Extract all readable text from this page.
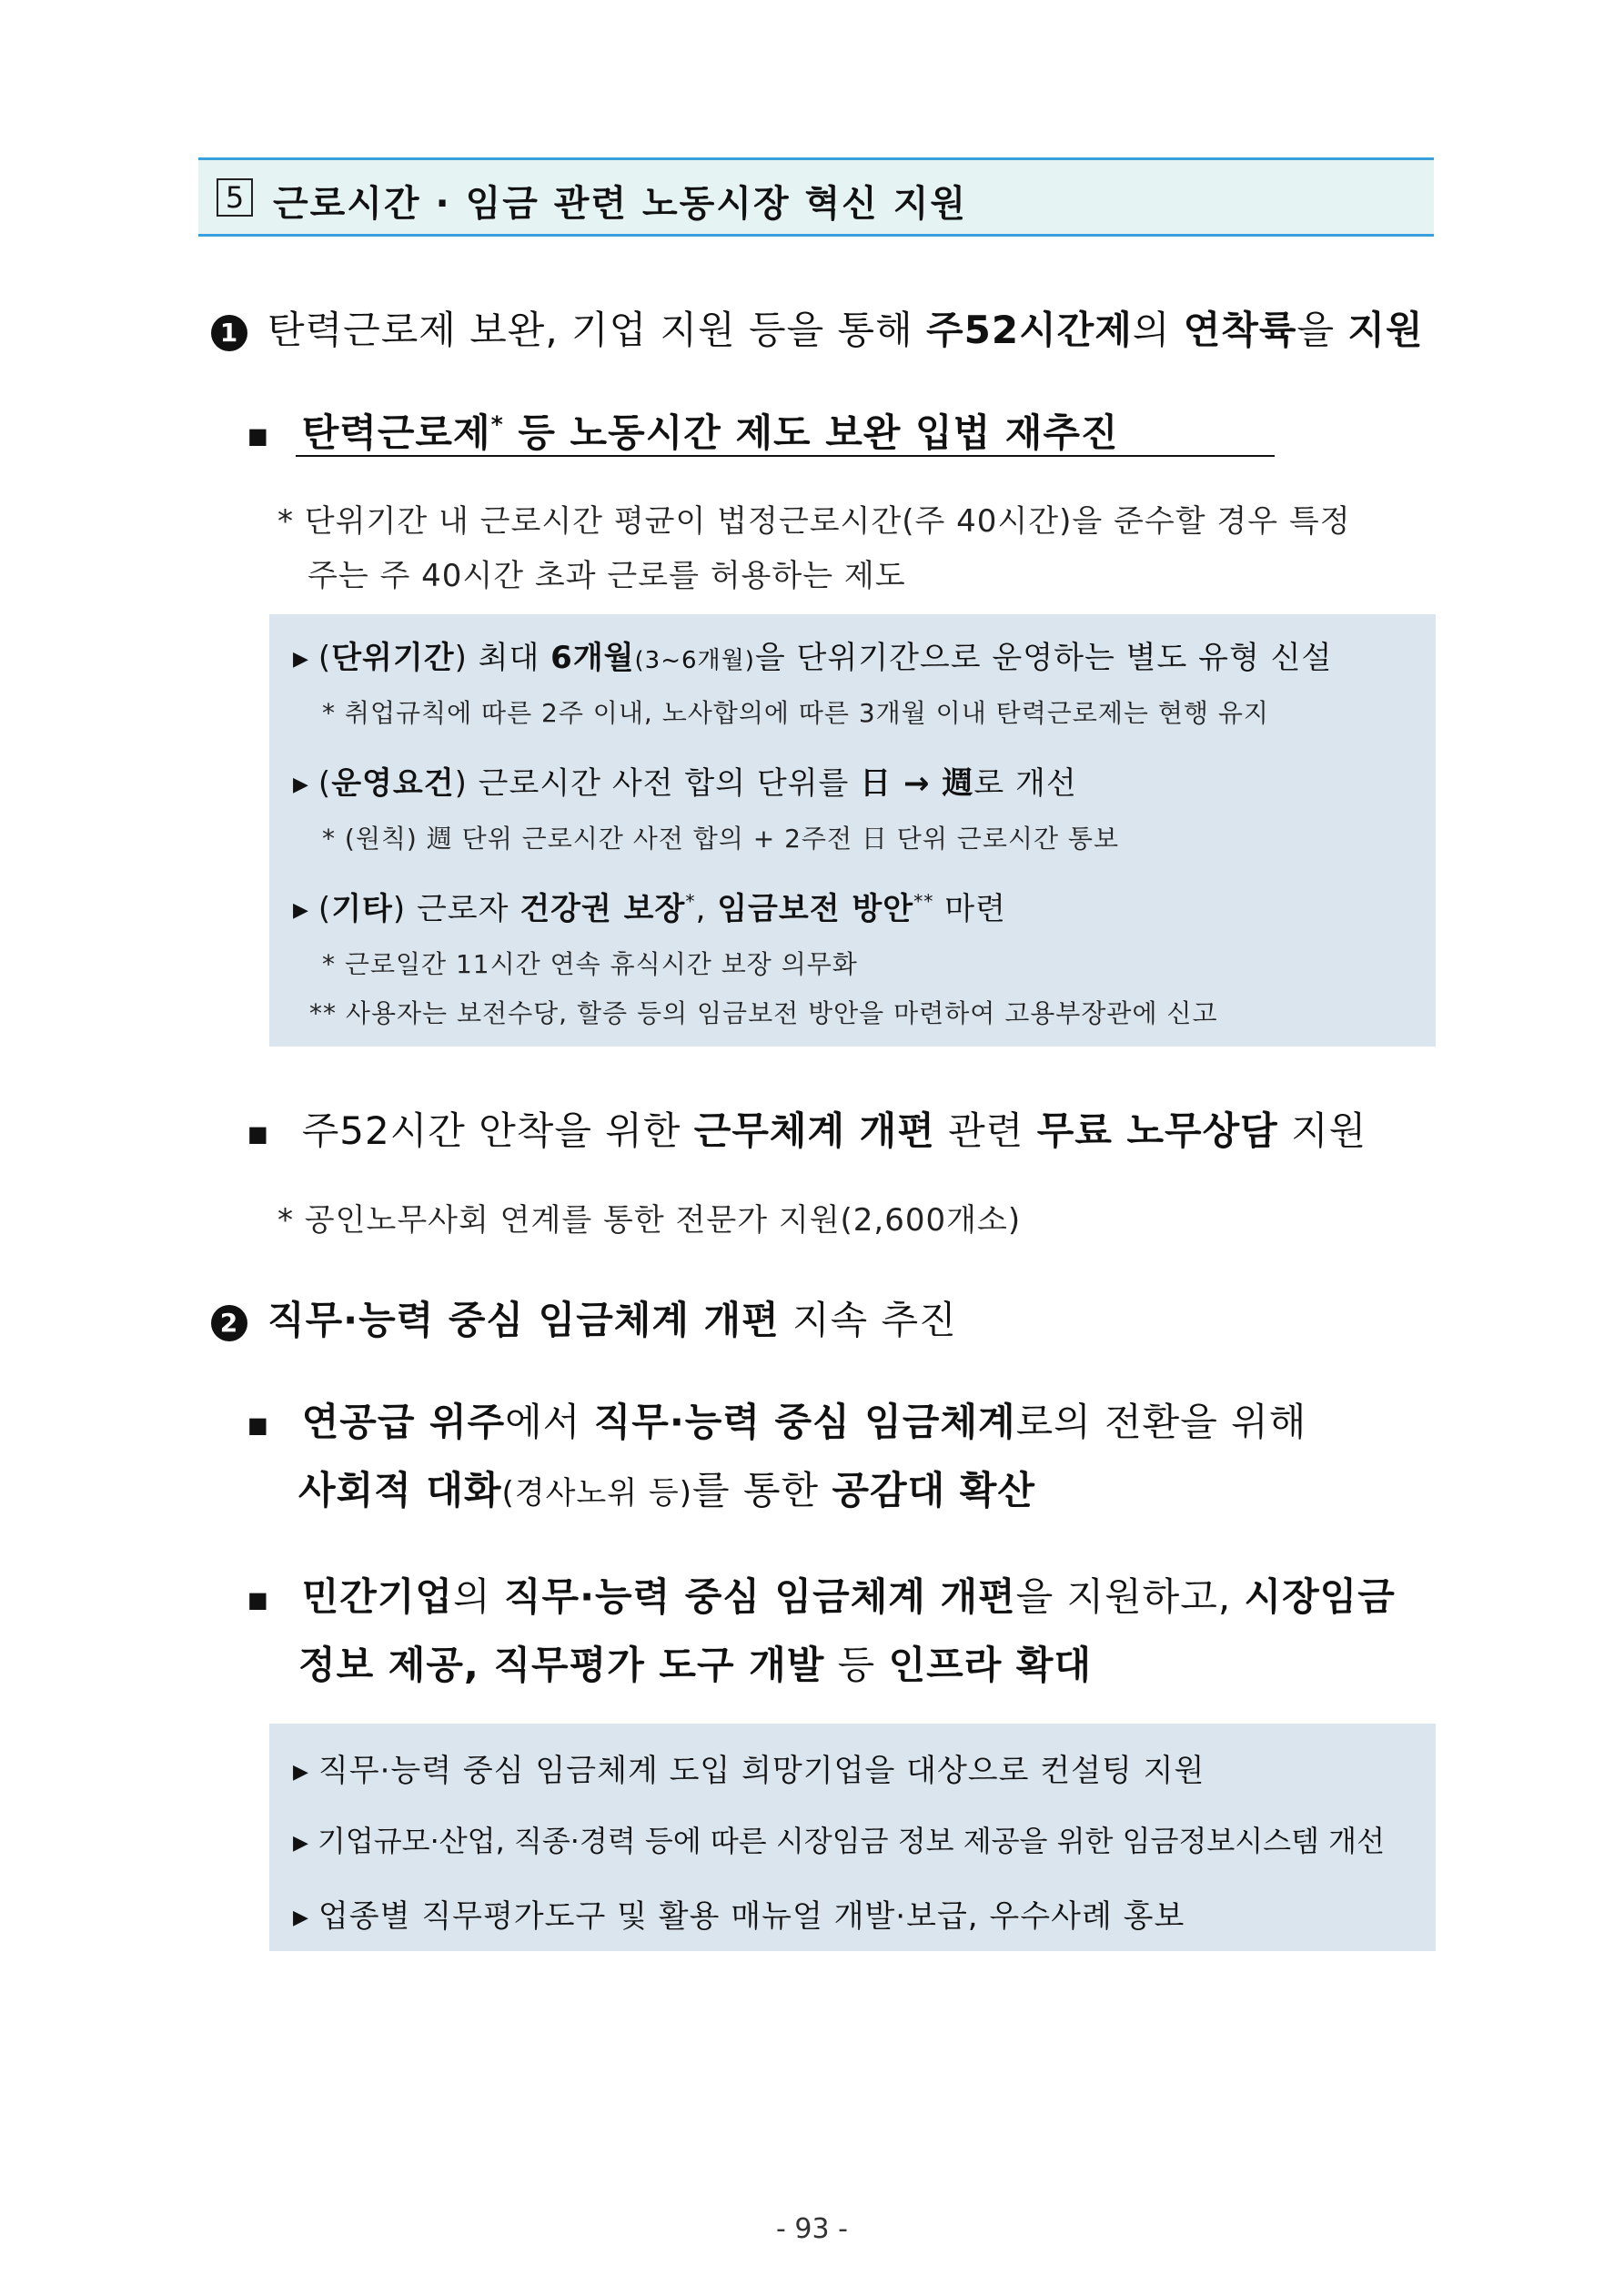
5 근로시간 · 임금 관련 노동시장 혁신 지원
1 탄력근로제 보완, 기업 지원 등을 통해 주52시간제의 연착륙을 지원
■ 탄력근로제* 등 노동시간 제도 보완 입법 재추진
* 단위기간 내 근로시간 평균이 법정근로시간(주 40시간)을 준수할 경우 특정
주는 주 40시간 초과 근로를 허용하는 제도
▶ (단위기간) 최대 6개월(3~6개월)을 단위기간으로 운영하는 별도 유형 신설
* 취업규칙에 따른 2주 이내, 노사합의에 따른 3개월 이내 탄력근로제는 현행 유지
▶ (운영요건) 근로시간 사전 합의 단위를 日 → 週로 개선
* (원칙) 週 단위 근로시간 사전 합의 + 2주전 日 단위 근로시간 통보
▶ (기타) 근로자 건강권 보장*, 임금보전 방안** 마련
* 근로일간 11시간 연속 휴식시간 보장 의무화
** 사용자는 보전수당, 할증 등의 임금보전 방안을 마련하여 고용부장관에 신고
■ 주52시간 안착을 위한 근무체계 개편 관련 무료 노무상담 지원
* 공인노무사회 연계를 통한 전문가 지원(2,600개소)
2 직무·능력 중심 임금체계 개편 지속 추진
■ 연공급 위주에서 직무·능력 중심 임금체계로의 전환을 위해
사회적 대화(경사노위 등)를 통한 공감대 확산
■ 민간기업의 직무·능력 중심 임금체계 개편을 지원하고, 시장임금
정보 제공, 직무평가 도구 개발 등 인프라 확대
▶ 직무·능력 중심 임금체계 도입 희망기업을 대상으로 컨설팅 지원
▶ 기업규모·산업, 직종·경력 등에 따른 시장임금 정보 제공을 위한 임금정보시스템 개선
▶ 업종별 직무평가도구 및 활용 매뉴얼 개발·보급, 우수사례 홍보
- 93 -
